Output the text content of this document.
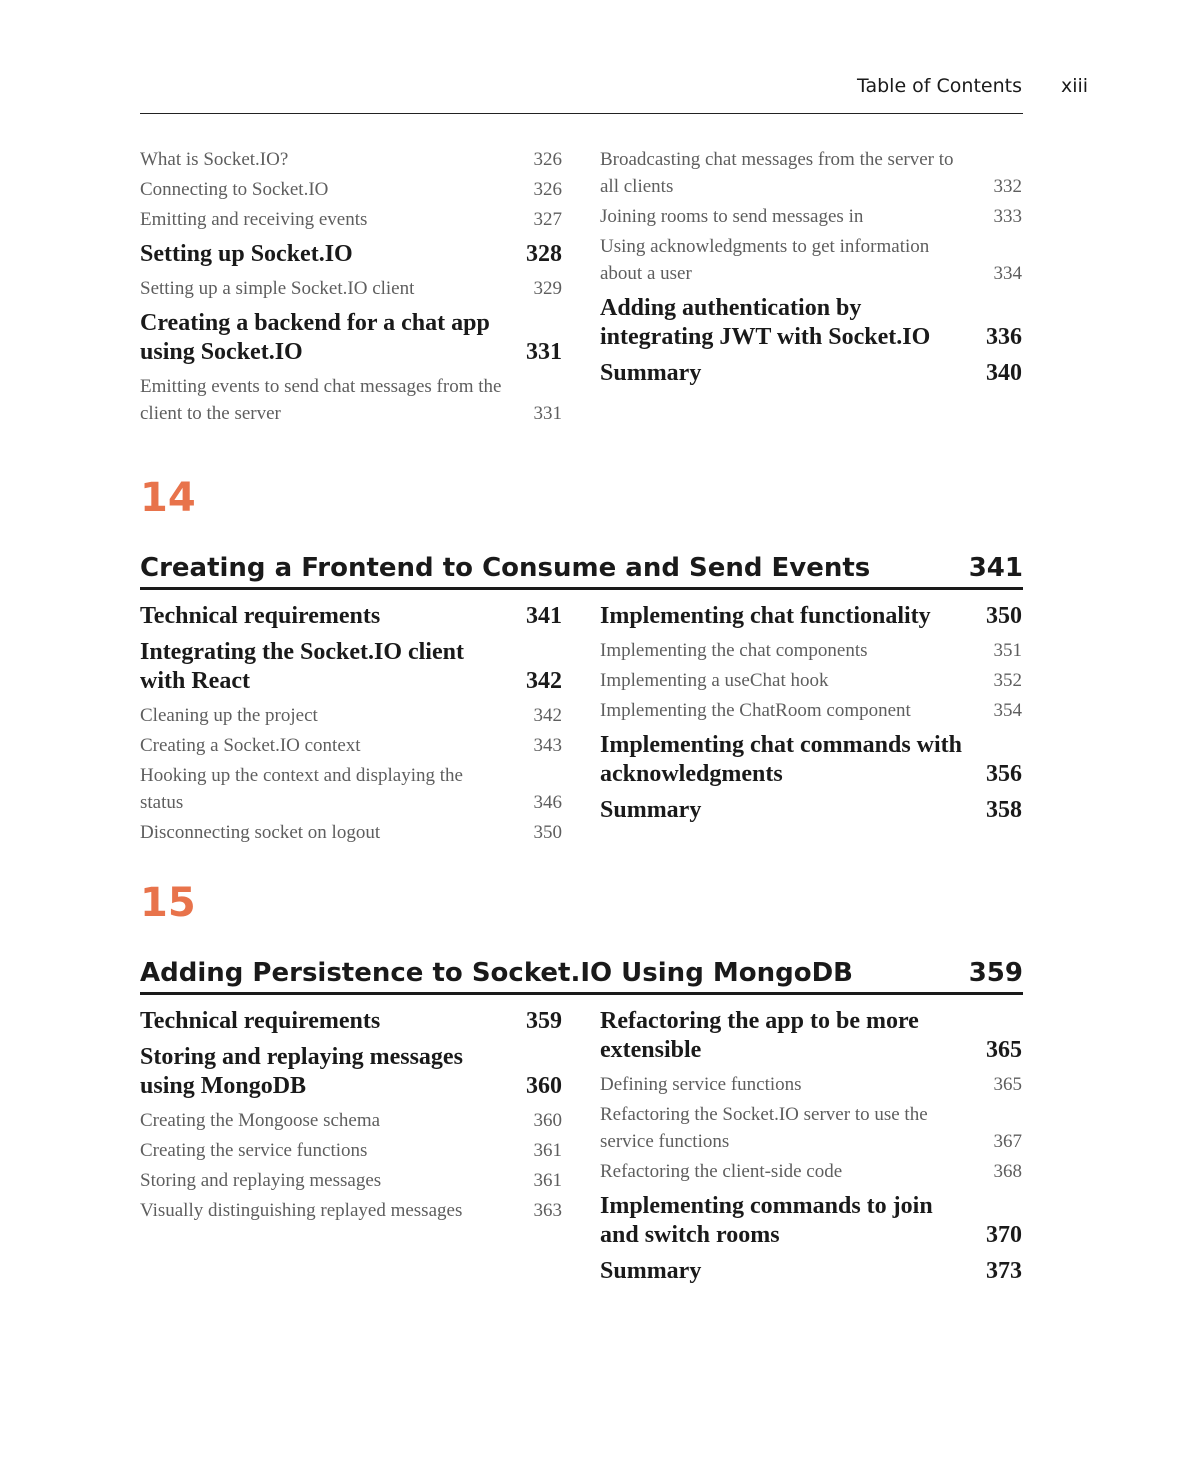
Table of Contents xiii
What is Socket.IO?	326
Connecting to Socket.IO	326
Emitting and receiving events	327
Setting up Socket.IO	328
Setting up a simple Socket.IO client	329
Creating a backend for a chat app using Socket.IO	331
Emitting events to send chat messages from the client to the server	331
Broadcasting chat messages from the server to all clients	332
Joining rooms to send messages in	333
Using acknowledgments to get information about a user	334
Adding authentication by integrating JWT with Socket.IO	336
Summary	340
14
Creating a Frontend to Consume and Send Events	341
Technical requirements	341
Integrating the Socket.IO client with React	342
Cleaning up the project	342
Creating a Socket.IO context	343
Hooking up the context and displaying the status	346
Disconnecting socket on logout	350
Implementing chat functionality	350
Implementing the chat components	351
Implementing a useChat hook	352
Implementing the ChatRoom component	354
Implementing chat commands with acknowledgments	356
Summary	358
15
Adding Persistence to Socket.IO Using MongoDB	359
Technical requirements	359
Storing and replaying messages using MongoDB	360
Creating the Mongoose schema	360
Creating the service functions	361
Storing and replaying messages	361
Visually distinguishing replayed messages	363
Refactoring the app to be more extensible	365
Defining service functions	365
Refactoring the Socket.IO server to use the service functions	367
Refactoring the client-side code	368
Implementing commands to join and switch rooms	370
Summary	373
